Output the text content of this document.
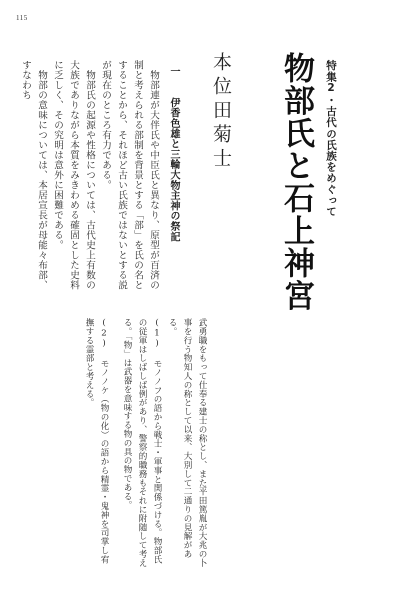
115
特集2・古代の氏族をめぐって
物部氏と石上神宮
本位田菊士
一 伊香色雄と三輪大物主神の祭記

物部連が大伴氏や中臣氏と異なり、原型が百済の制と考えられる部制を背景とする「部」を氏の名とすることから、それほど古い氏族ではないとする説が現在のところ有力である。

物部氏の起源や性格については、古代史上有数の大族でありながら本質をみきわめる確固とした史料に乏しく、その究明は意外に困難である。

物部の意味については、本居宣長が母能々布部、すなわち

武勇職をもって仕奉る建士の称とし、また平田篤胤が大兆の卜事を行う物知人の称として以来、大別して二通りの見解がある。

(1)モノノフの語から戦士・軍事と関係づける。物部氏の従軍はしばしば例があり、警察的職務もそれに附随して考える。「物」は武器を意味する物の具の物である。
(2)モノノケ（物の化）の語から精霊・鬼神を司掌し宥撫する霊部と考える。
